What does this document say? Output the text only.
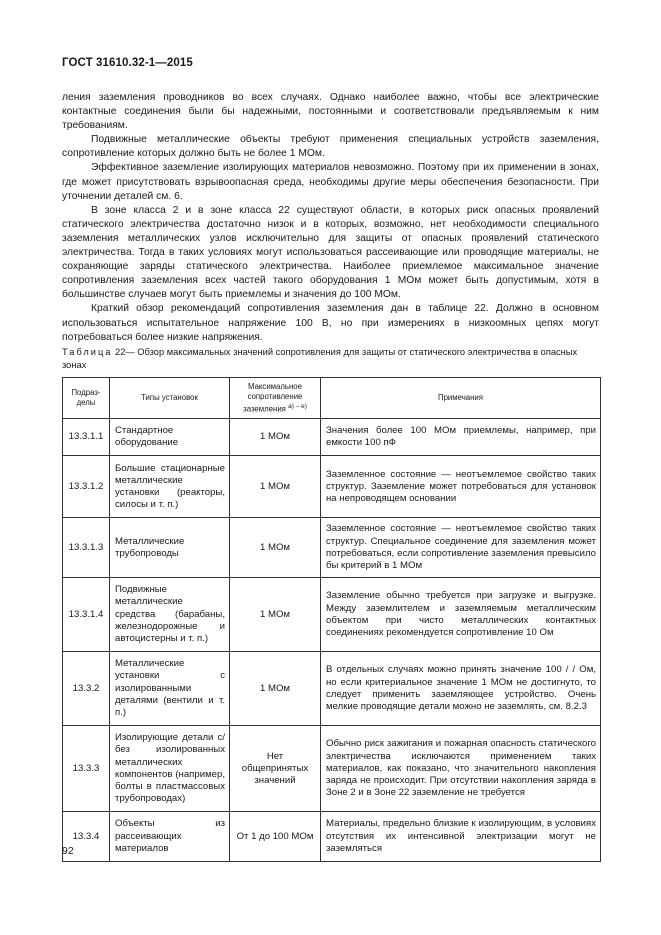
ГОСТ 31610.32-1—2015

ления заземления проводников во всех случаях. Однако наиболее важно, чтобы все электрические контактные соединения были бы надежными, постоянными и соответствовали предъявляемым к ним требованиям.

Подвижные металлические объекты требуют применения специальных устройств заземления, сопротивление которых должно быть не более 1 МОм.

Эффективное заземление изолирующих материалов невозможно. Поэтому при их применении в зонах, где может присутствовать взрывоопасная среда, необходимы другие меры обеспечения безопасности. При уточнении деталей см. 6.

В зоне класса 2 и в зоне класса 22 существуют области, в которых риск опасных проявлений статического электричества достаточно низок и в которых, возможно, нет необходимости специального заземления металлических узлов исключительно для защиты от опасных проявлений статического электричества. Тогда в таких условиях могут использоваться рассеивающие или проводящие материалы, не сохраняющие заряды статического электричества. Наиболее приемлемое максимальное значение сопротивления заземления всех частей такого оборудования 1 МОм может быть допустимым, хотя в большинстве случаев могут быть приемлемы и значения до 100 МОм.

Краткий обзор рекомендаций сопротивления заземления дан в таблице 22. Должно в основном использоваться испытательное напряжение 100 В, но при измерениях в низкоомных цепях могут потребоваться более низкие напряжения.

Таблица 22— Обзор максимальных значений сопротивления для защиты от статического электричества в опасных зонах
Подраз-делы	Типы установок	Максимальное сопротивление заземления $^{а) - е)}$	Примечания
13.3.1.1	Стандартное оборудование	1 МОм	Значения более 100 МОм приемлемы, например, при емкости 100 пФ
13.3.1.2	Большие стационарные металлические установки (реакторы, силосы и т. п.)	1 МОм	Заземленное состояние — неотъемлемое свойство таких структур. Заземление может потребоваться для установок на непроводящем основании
13.3.1.3	Металлические трубопроводы	1 МОм	Заземленное состояние — неотъемлемое свойство таких структур. Специальное соединение для заземления может потребоваться, если сопротивление заземления превысило бы критерий в 1 МОм
13.3.1.4	Подвижные металлические средства (барабаны, железнодорожные и автоцистерны и т. п.)	1 МОм	Заземление обычно требуется при загрузке и выгрузке. Между заземлителем и заземляемым металлическим объектом при чисто металлических контактных соединениях рекомендуется сопротивление 10 Ом
13.3.2	Металлические установки с изолированными деталями (вентили и т. п.)	1 МОм	В отдельных случаях можно принять значение 100 / / Ом, но если критериальное значение 1 МОм не достигнуто, то следует применить заземляющее устройство. Очень мелкие проводящие детали можно не заземлять, см. 8.2.3
13.3.3	Изолирующие детали с/без изолированных металлических компонентов (например, болты в пластмассовых трубопроводах)	Нет общепринятых значений	Обычно риск зажигания и пожарная опасность статического электричества исключаются применением таких материалов, как показано, что значительного накопления заряда не происходит. При отсутствии накопления заряда в Зоне 2 и в Зоне 22 заземление не требуется
13.3.4	Объекты из рассеивающих материалов	От 1 до 100 МОм	Материалы, предельно близкие к изолирующим, в условиях отсутствия их интенсивной электризации могут не заземляться
92
